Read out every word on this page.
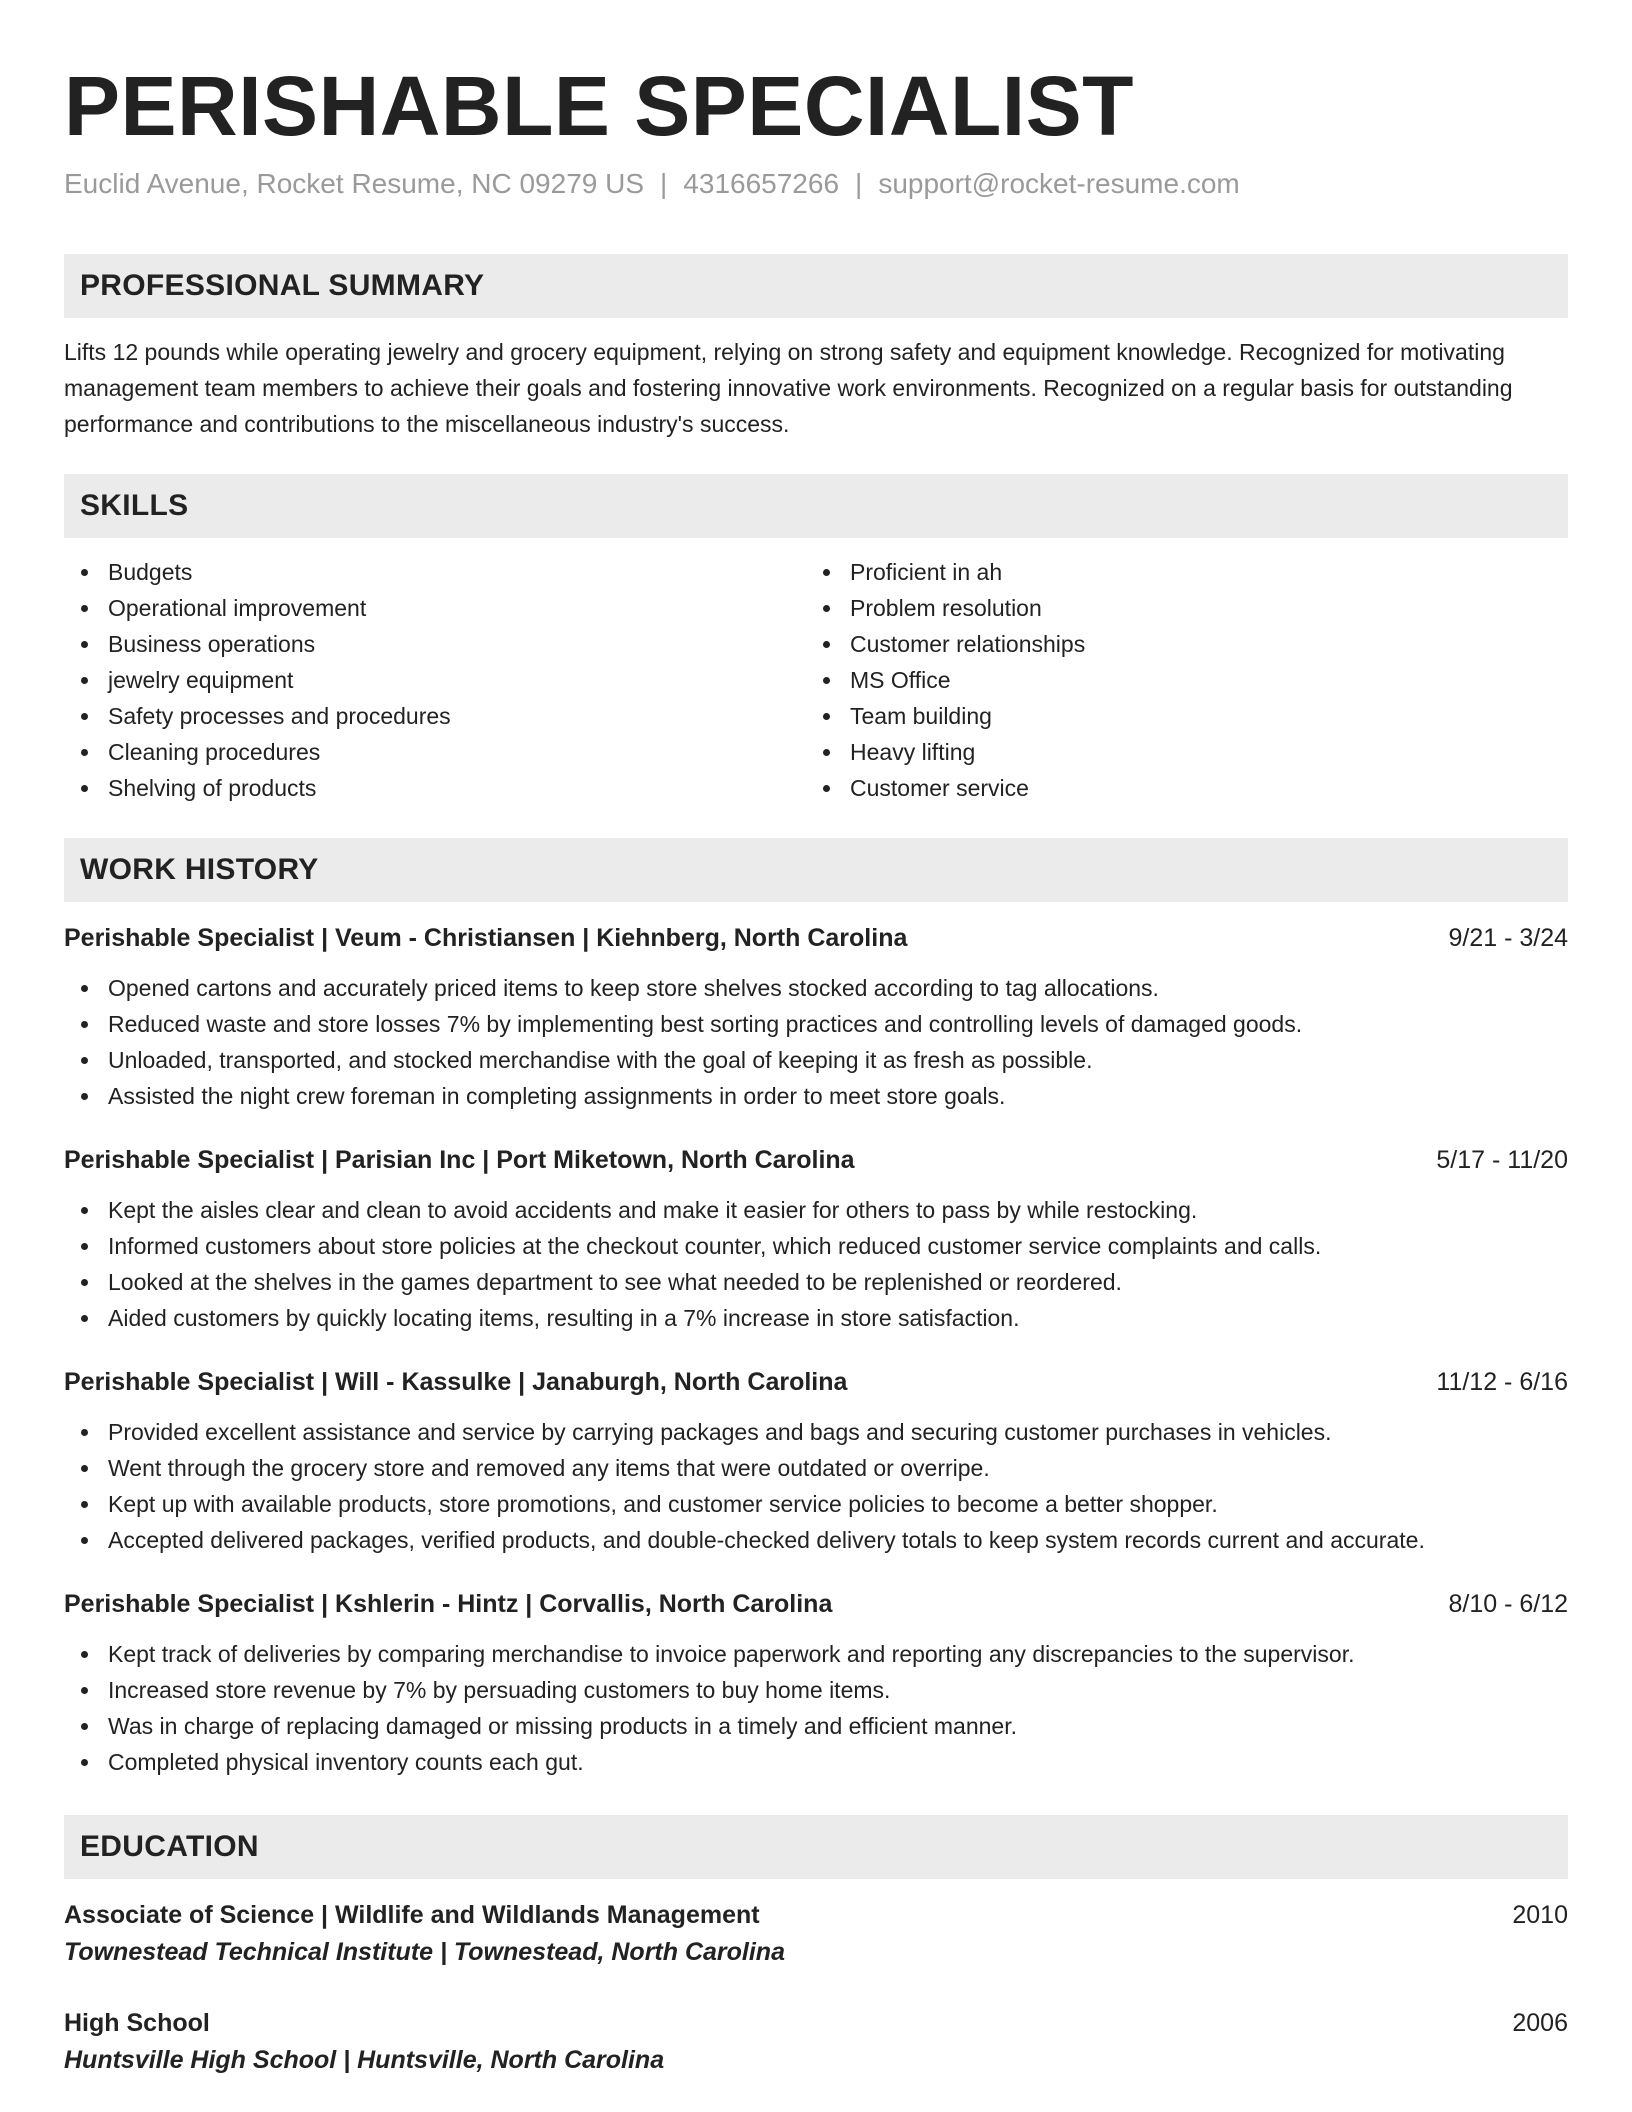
PERISHABLE SPECIALIST
Euclid Avenue, Rocket Resume, NC 09279 US | 4316657266 | support@rocket-resume.com
PROFESSIONAL SUMMARY
Lifts 12 pounds while operating jewelry and grocery equipment, relying on strong safety and equipment knowledge. Recognized for motivating management team members to achieve their goals and fostering innovative work environments. Recognized on a regular basis for outstanding performance and contributions to the miscellaneous industry's success.
SKILLS
Budgets
Operational improvement
Business operations
jewelry equipment
Safety processes and procedures
Cleaning procedures
Shelving of products
Proficient in ah
Problem resolution
Customer relationships
MS Office
Team building
Heavy lifting
Customer service
WORK HISTORY
Perishable Specialist | Veum - Christiansen | Kiehnberg, North Carolina	9/21 - 3/24
Opened cartons and accurately priced items to keep store shelves stocked according to tag allocations.
Reduced waste and store losses 7% by implementing best sorting practices and controlling levels of damaged goods.
Unloaded, transported, and stocked merchandise with the goal of keeping it as fresh as possible.
Assisted the night crew foreman in completing assignments in order to meet store goals.
Perishable Specialist | Parisian Inc | Port Miketown, North Carolina	5/17 - 11/20
Kept the aisles clear and clean to avoid accidents and make it easier for others to pass by while restocking.
Informed customers about store policies at the checkout counter, which reduced customer service complaints and calls.
Looked at the shelves in the games department to see what needed to be replenished or reordered.
Aided customers by quickly locating items, resulting in a 7% increase in store satisfaction.
Perishable Specialist | Will - Kassulke | Janaburgh, North Carolina	11/12 - 6/16
Provided excellent assistance and service by carrying packages and bags and securing customer purchases in vehicles.
Went through the grocery store and removed any items that were outdated or overripe.
Kept up with available products, store promotions, and customer service policies to become a better shopper.
Accepted delivered packages, verified products, and double-checked delivery totals to keep system records current and accurate.
Perishable Specialist | Kshlerin - Hintz | Corvallis, North Carolina	8/10 - 6/12
Kept track of deliveries by comparing merchandise to invoice paperwork and reporting any discrepancies to the supervisor.
Increased store revenue by 7% by persuading customers to buy home items.
Was in charge of replacing damaged or missing products in a timely and efficient manner.
Completed physical inventory counts each gut.
EDUCATION
Associate of Science | Wildlife and Wildlands Management	2010
Townestead Technical Institute | Townestead, North Carolina
High School	2006
Huntsville High School | Huntsville, North Carolina
